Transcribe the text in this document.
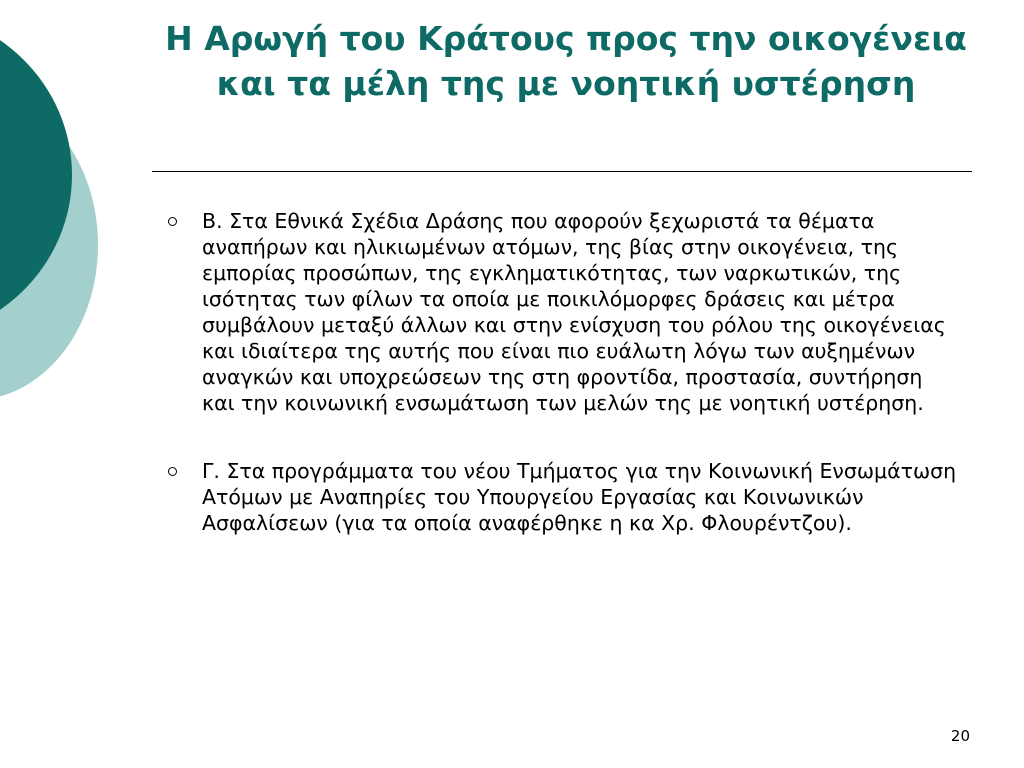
Η Αρωγή του Κράτους προς την οικογένεια και τα μέλη της με νοητική υστέρηση
Β. Στα Εθνικά Σχέδια Δράσης που αφορούν ξεχωριστά τα θέματα αναπήρων και ηλικιωμένων ατόμων, της βίας στην οικογένεια, της εμπορίας προσώπων, της εγκληματικότητας, των ναρκωτικών, της ισότητας των φίλων τα οποία με ποικιλόμορφες δράσεις και μέτρα συμβάλουν μεταξύ άλλων και στην ενίσχυση του ρόλου της οικογένειας και ιδιαίτερα της αυτής που είναι πιο ευάλωτη λόγω των αυξημένων αναγκών και υποχρεώσεων της στη φροντίδα, προστασία, συντήρηση και την κοινωνική ενσωμάτωση των μελών της με νοητική υστέρηση.
Γ. Στα προγράμματα του νέου Τμήματος για την Κοινωνική Ενσωμάτωση Ατόμων με Αναπηρίες του Υπουργείου Εργασίας και Κοινωνικών Ασφαλίσεων (για τα οποία αναφέρθηκε η κα Χρ. Φλουρέντζου).
20
